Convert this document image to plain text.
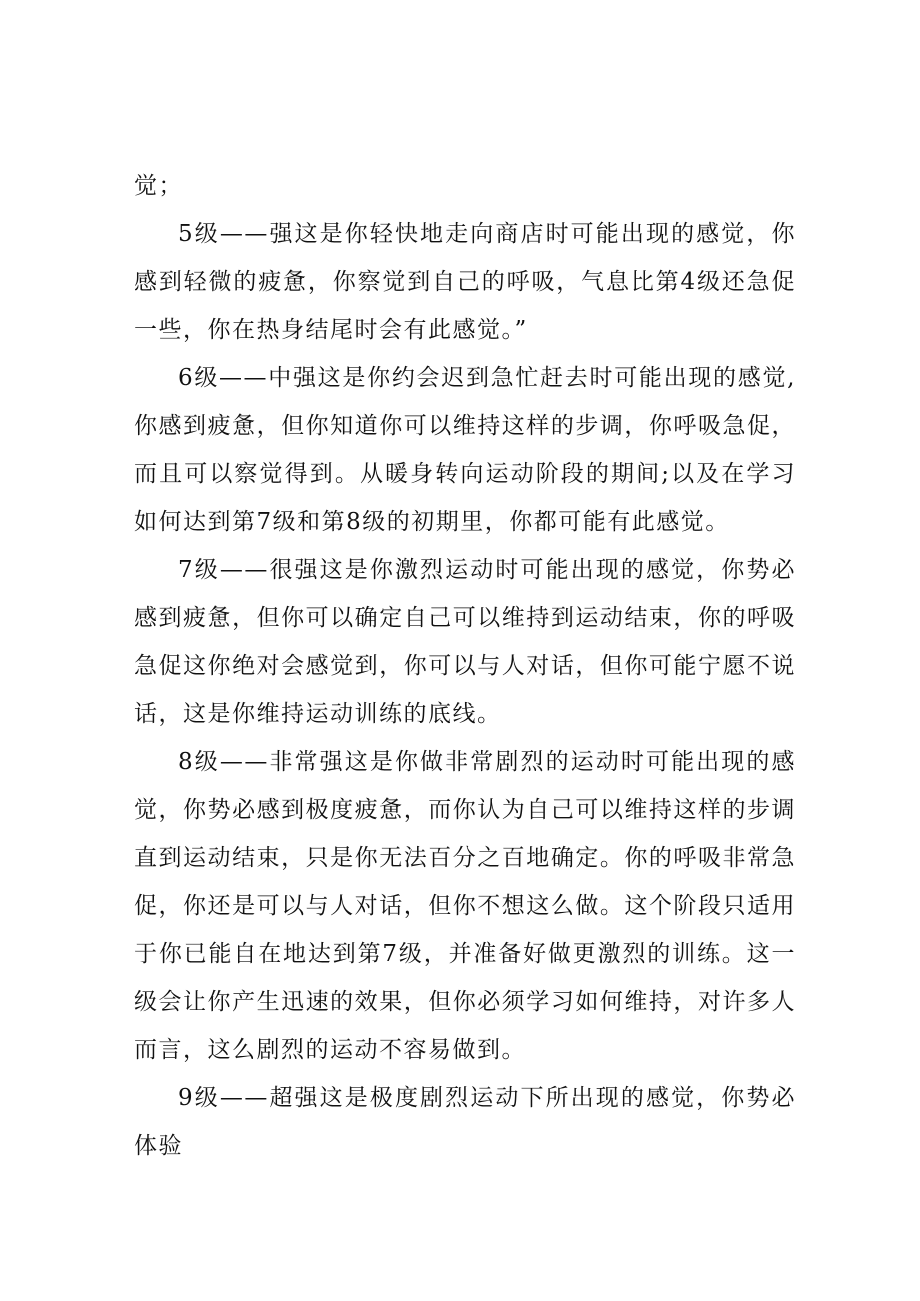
觉；

5级——强这是你轻快地走向商店时可能出现的感觉，你感到轻微的疲惫，你察觉到自己的呼吸，气息比第4级还急促一些，你在热身结尾时会有此感觉。”

6级——中强这是你约会迟到急忙赶去时可能出现的感觉,你感到疲惫，但你知道你可以维持这样的步调，你呼吸急促，而且可以察觉得到。从暖身转向运动阶段的期间;以及在学习如何达到第7级和第8级的初期里，你都可能有此感觉。

7级——很强这是你激烈运动时可能出现的感觉，你势必感到疲惫，但你可以确定自己可以维持到运动结束，你的呼吸急促这你绝对会感觉到，你可以与人对话，但你可能宁愿不说话，这是你维持运动训练的底线。

8级——非常强这是你做非常剧烈的运动时可能出现的感觉，你势必感到极度疲惫，而你认为自己可以维持这样的步调直到运动结束，只是你无法百分之百地确定。你的呼吸非常急促，你还是可以与人对话，但你不想这么做。这个阶段只适用于你已能自在地达到第7级，并准备好做更激烈的训练。这一级会让你产生迅速的效果，但你必须学习如何维持，对许多人而言，这么剧烈的运动不容易做到。

9级——超强这是极度剧烈运动下所出现的感觉，你势必体验
